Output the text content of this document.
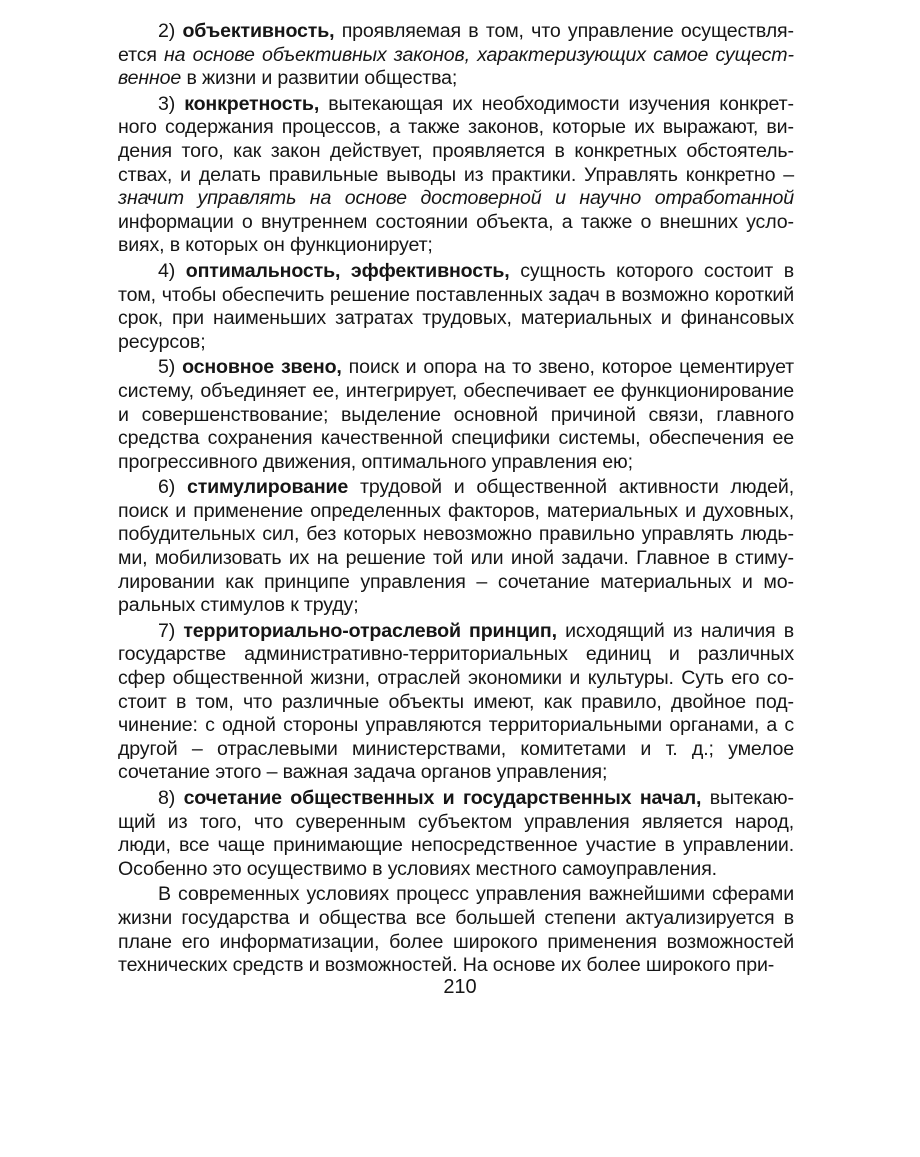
2) объективность, проявляемая в том, что управление осуществляется на основе объективных законов, характеризующих самое существенное в жизни и развитии общества;

3) конкретность, вытекающая их необходимости изучения конкретного содержания процессов, а также законов, которые их выражают, видения того, как закон действует, проявляется в конкретных обстоятельствах, и делать правильные выводы из практики. Управлять конкретно – значит управлять на основе достоверной и научно отработанной информации о внутреннем состоянии объекта, а также о внешних условиях, в которых он функционирует;

4) оптимальность, эффективность, сущность которого состоит в том, чтобы обеспечить решение поставленных задач в возможно короткий срок, при наименьших затратах трудовых, материальных и финансовых ресурсов;

5) основное звено, поиск и опора на то звено, которое цементирует систему, объединяет ее, интегрирует, обеспечивает ее функционирование и совершенствование; выделение основной причиной связи, главного средства сохранения качественной специфики системы, обеспечения ее прогрессивного движения, оптимального управления ею;

6) стимулирование трудовой и общественной активности людей, поиск и применение определенных факторов, материальных и духовных, побудительных сил, без которых невозможно правильно управлять людьми, мобилизовать их на решение той или иной задачи. Главное в стимулировании как принципе управления – сочетание материальных и моральных стимулов к труду;

7) территориально-отраслевой принцип, исходящий из наличия в государстве административно-территориальных единиц и различных сфер общественной жизни, отраслей экономики и культуры. Суть его состоит в том, что различные объекты имеют, как правило, двойное подчинение: с одной стороны управляются территориальными органами, а с другой – отраслевыми министерствами, комитетами и т. д.; умелое сочетание этого – важная задача органов управления;

8) сочетание общественных и государственных начал, вытекающий из того, что суверенным субъектом управления является народ, люди, все чаще принимающие непосредственное участие в управлении. Особенно это осуществимо в условиях местного самоуправления.

В современных условиях процесс управления важнейшими сферами жизни государства и общества все большей степени актуализируется в плане его информатизации, более широкого применения возможностей технических средств и возможностей. На основе их более широкого при-

210
